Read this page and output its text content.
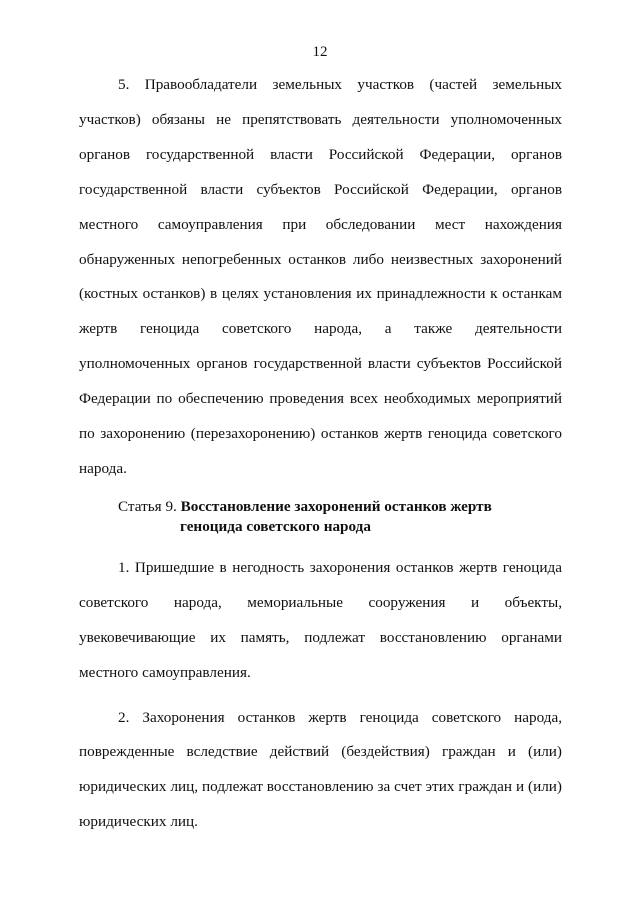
12

5. Правообладатели земельных участков (частей земельных участков) обязаны не препятствовать деятельности уполномоченных органов государственной власти Российской Федерации, органов государственной власти субъектов Российской Федерации, органов местного самоуправления при обследовании мест нахождения обнаруженных непогребенных останков либо неизвестных захоронений (костных останков) в целях установления их принадлежности к останкам жертв геноцида советского народа, а также деятельности уполномоченных органов государственной власти субъектов Российской Федерации по обеспечению проведения всех необходимых мероприятий по захоронению (перезахоронению) останков жертв геноцида советского народа.

Статья 9. Восстановление захоронений останков жертв
геноцида советского народа

1. Пришедшие в негодность захоронения останков жертв геноцида советского народа, мемориальные сооружения и объекты, увековечивающие их память, подлежат восстановлению органами местного самоуправления.

2. Захоронения останков жертв геноцида советского народа, поврежденные вследствие действий (бездействия) граждан и (или) юридических лиц, подлежат восстановлению за счет этих граждан и (или) юридических лиц.
